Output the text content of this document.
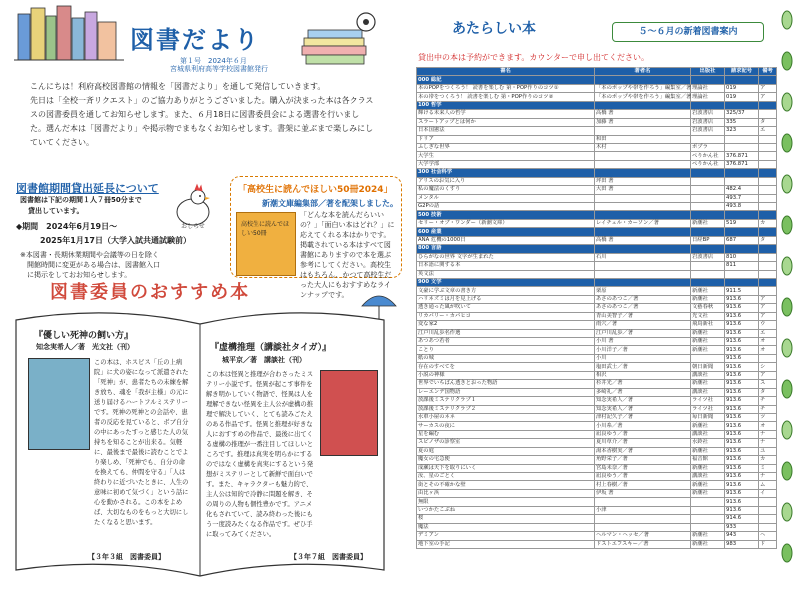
図書だより
第１号　2024年６月
宮城県利府高等学校図書館発行

こんにちは！利府高校図書館の情報を「図書だより」を通して発信していきます。

先日は「全校一斉リクエスト」のご協力ありがとうございました。購入が決まった本は各クラス

スの図書委員を通してお知らせします。また、６月18日に図書委員会による選書を行いまし

た。選んだ本は「図書だより」や掲示物でまもなくお知らせします。書架に並ぶまで楽しみにし

ていてください。

図書館期間貸出延長について
図書館は下記の期間１人７冊50分まで
貸出しています。
◆期間　2024年6月19日〜
　　　2025年1月17日（大学入試共通試験前）
※本図書・長期休業期間や会議等の日を除く
　開館時間に変更がある場合は、図書館入口
　に掲示をしておお知らせします。
おしらせ
「高校生に読んでほしい50冊2024」
新潮文庫編集部／著を配架しました。
高校生に読んでほしい50冊
「どんな本を読んだらいいの？」「面白い本はどれ？」に応えてくれる本はかりです。掲載されている本はすべて図書館にありますので本を選ぶ参考にしてください。高校生はもちろん、かつて高校生だった大人にもおすすめなラインナップです。
図書委員のおすすめ本
『優しい死神の飼い方』
知念実希人／著　光文社（刊）
この本は、ホスピス「丘の上病院」に犬の姿になって派遣された「死神」が、患者たちの未練を解き放ち、魂を「我が主様」の元に送り届けるハートフルミステリーです。死神の死神との会話や、患者の反応を見ていると、ボブ自分の中にあったすっと感じた人の気持ちを知ることが出来る。気軽に、最後まで最後に読むことでより楽しめ、「死神でも、自分の命を換えても、仲間を守る」「人は終わりに近づいたときに、人生の意味に初めて気づく」という話に心を動かされる。この本をよめば、大切なものをもっと大切にしたくなると思います。
【３年３組　図書委員】
『虚構推理（講談社タイガ）』
城平京／著　講談社（刊）
この本は怪異と推理が合わさったミステリー小説です。怪異が起こす事件を解き明かしていく物語で、怪異は人を理解できない怪異を主人公が虚構の推理で解決していく、とても読みごたえのある作品です。怪異と推理が好きな人におすすめの作品で、最後に出てくる虚構の推理が一番注目してほしいところです。推理は真実を明らかにするのではなく虚構を真実にするという発想がミステリーとして新鮮で面白いです。また、キャラクターも魅力的で、主人公は知的で冷静に問題を解き、その周りの人物も個性豊かです。アニメ化もされていて、読み終わった後にもう一度読みたくなる作品です。ぜひ手に取ってみてください。
【３年７組　図書委員】
あたらしい本	５〜６月の新着図書案内
貸出中の本は予約ができます。カウンターで申し出てください。
書名	著者名	出版社	請求記号	備考
000 総記				
本のPOPをつくろう！ 読書を楽しむ 第・POP作りのコツ①	「本のポップや帯を作ろう」編集室／著	理論社	019	ア
本の帯をつくろう！ 読書を楽しむ 第・POP作りのコツ②	「本のポップや帯を作ろう」編集室／著	理論社	019	ア
100 哲学				
輝ける未来人の哲学	高橋 著	岩波書店	325/37	
スラートアップとは何か	加藤 著	岩波書店	335	タ
日本国憲法		岩波書店	323	エ
ドリア	和田			
ふしぎな世界	木村	ポプラ		
大学生		ぺりかん社	376.871	
大学学部		ぺりかん社	376.871	
300 社会科学				
アリスのお気に入り	坪田 著			
私の魔法のくすり	大田 著		482.4	
メンタル			493.7	
G2Pの話			493.8	
500 技術				
セリー・オブ・ワンダー（新潮文庫）	レイチェル・カーソン／著	新潮社	519	カ
600 産業				
ANA 危機の1000日	高橋 著	日経BP	687	タ
800 言語				
ひらがなの世界 文字が生まれた	石川	岩波書店	810	
日本語に関する本			811	
英文法				
900 文学				
文豪に学ぶ文章の書き方	栗原	新潮社	911.5	
ハリネズミは月を見上げる	あさのあつこ／著	新潮社	913.6	ア
透き通った風が吹いて	あさのあつこ／著	文藝春秋	913.6	ア
リカバリー・カバヒコ	青山美智子／著	光文社	913.6	ア
変な家2	雨穴／著	飛鳥新社	913.6	ウ
江戸川乱歩名作選	江戸川乱歩／著	新潮社	913.6	エ
あつあつ若者	小川 著	新潮社	913.6	オ
ことり	小川洋子／著	新潮社	913.6	オ
紙の城	小川		913.6	
存在のすべてを	塩田武士／著	朝日新聞	913.6	シ
小説の神様	相沢	講談社	913.6	ア
世界でいちばん透きとおった物語	杉井光／著	新潮社	913.6	ス
レーエンデ国物語	多崎礼／著	講談社	913.6	タ
放課後ミステリクラブ１	知念実希人／著	ライツ社	913.6	チ
放課後ミステリクラブ２	知念実希人／著	ライツ社	913.6	チ
水車小屋のネネ	津村記久子／著	毎日新聞	913.6	ツ
サーカスの夜に	小川糸／著	新潮社	913.6	オ
星を編む	凪良ゆう／著	講談社	913.6	ナ
スピノザの診察室	夏川草介／著	水鈴社	913.6	ナ
夏の庭	湯本香樹実／著	新潮社	913.6	ユ
魔女の宅急便	角野栄子／著	福音館	913.6	カ
成瀬は天下を取りにいく	宮島未奈／著	新潮社	913.6	ミ
汝、星のごとく	凪良ゆう／著	講談社	913.6	ナ
街とその不確かな壁	村上春樹／著	新潮社	913.6	ム
由比ヶ浜	伊坂 著	新潮社	913.6	イ
無限			913.6	
いつかたこぶね	小津		913.6	
桜			914.6	
魔法			933	
デミアン	ヘルマン・ヘッセ／著	新潮社	943	ヘ
地下室の手記	ドストエフスキー／著	新潮社	983	ド
